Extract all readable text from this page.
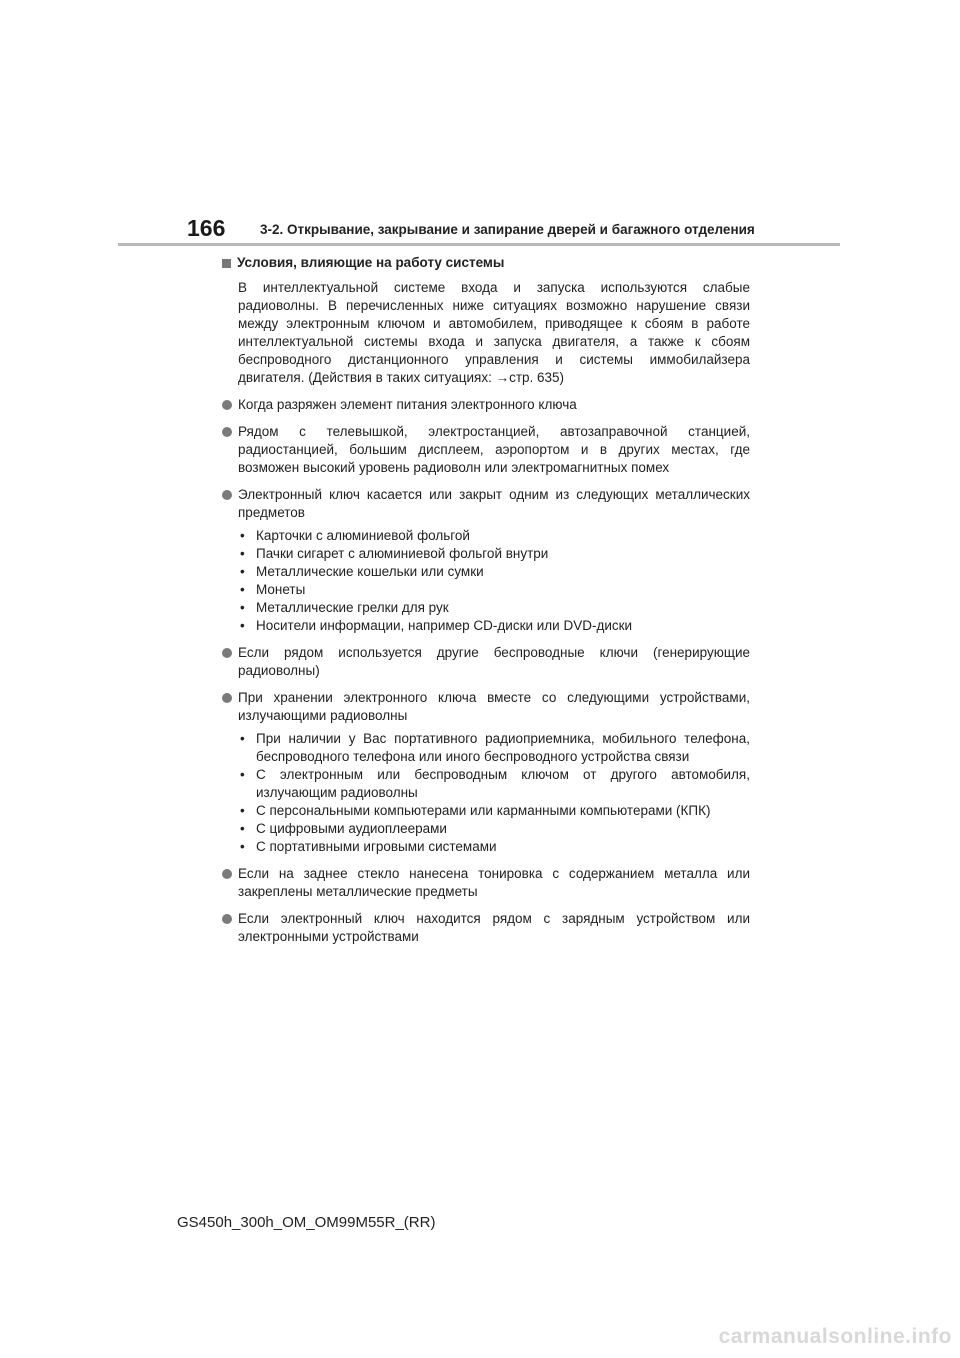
166	3-2. Открывание, закрывание и запирание дверей и багажного отделения
Условия, влияющие на работу системы
В интеллектуальной системе входа и запуска используются слабые радиоволны. В перечисленных ниже ситуациях возможно нарушение связи между электронным ключом и автомобилем, приводящее к сбоям в работе интеллектуальной системы входа и запуска двигателя, а также к сбоям беспроводного дистанционного управления и системы иммобилайзера двигателя. (Действия в таких ситуациях: →стр. 635)
Когда разряжен элемент питания электронного ключа
Рядом с телевышкой, электростанцией, автозаправочной станцией, радиостанцией, большим дисплеем, аэропортом и в других местах, где возможен высокий уровень радиоволн или электромагнитных помех
Электронный ключ касается или закрыт одним из следующих металлических предметов
• Карточки с алюминиевой фольгой
• Пачки сигарет с алюминиевой фольгой внутри
• Металлические кошельки или сумки
• Монеты
• Металлические грелки для рук
• Носители информации, например CD-диски или DVD-диски
Если рядом используется другие беспроводные ключи (генерирующие радиоволны)
При хранении электронного ключа вместе со следующими устройствами, излучающими радиоволны
• При наличии у Вас портативного радиоприемника, мобильного телефона, беспроводного телефона или иного беспроводного устройства связи
• С электронным или беспроводным ключом от другого автомобиля, излучающим радиоволны
• С персональными компьютерами или карманными компьютерами (КПК)
• С цифровыми аудиоплеерами
• С портативными игровыми системами
Если на заднее стекло нанесена тонировка с содержанием металла или закреплены металлические предметы
Если электронный ключ находится рядом с зарядным устройством или электронными устройствами
GS450h_300h_OM_OM99M55R_(RR)
carmanualsonline.info
